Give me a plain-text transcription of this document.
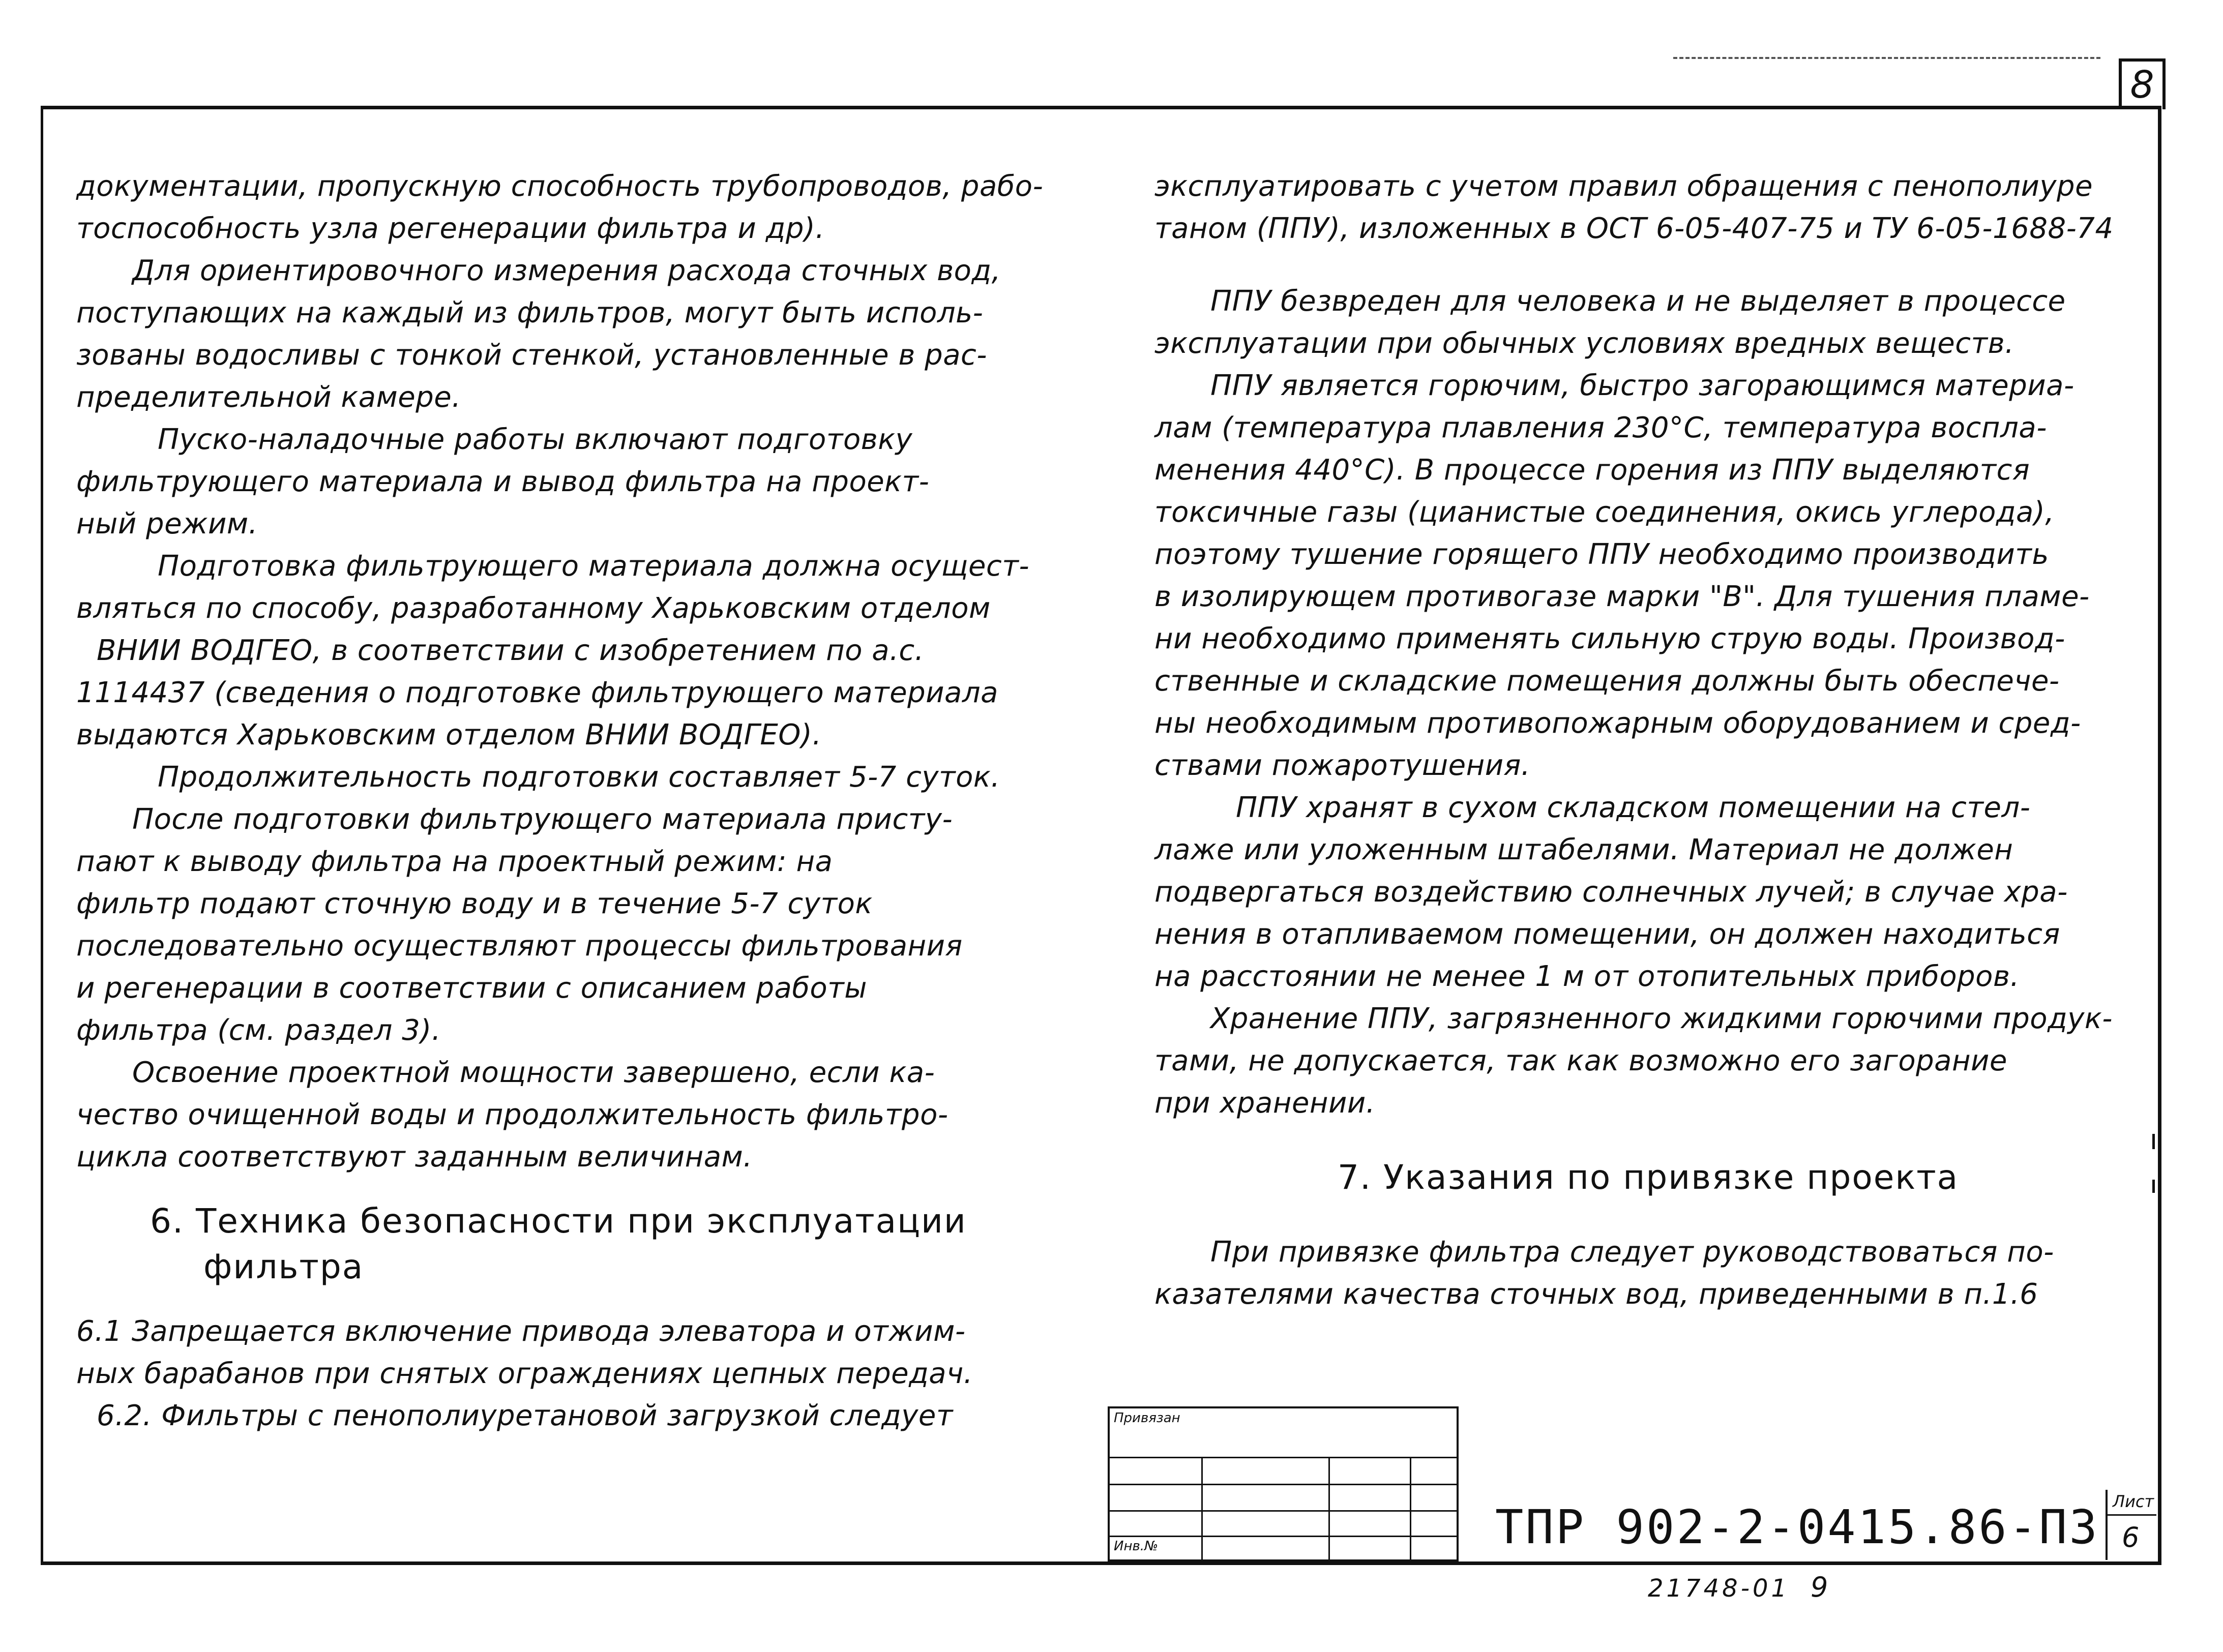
8

документации, пропускную способность трубопроводов, рабо-

тоспособность узла регенерации фильтра и др).

Для ориентировочного измерения расхода сточных вод,

поступающих на каждый из фильтров, могут быть исполь-

зованы водосливы с тонкой стенкой, установленные в рас-

пределительной камере.

Пуско-наладочные работы включают подготовку

фильтрующего материала и вывод фильтра на проект-

ный режим.

Подготовка фильтрующего материала должна осущест-

вляться по способу, разработанному Харьковским отделом

ВНИИ ВОДГЕО, в соответствии с изобретением по а.с.

1114437 (сведения о подготовке фильтрующего материала

выдаются Харьковским отделом ВНИИ ВОДГЕО).

Продолжительность подготовки составляет 5-7 суток.

После подготовки фильтрующего материала присту-

пают к выводу фильтра на проектный режим: на

фильтр подают сточную воду и в течение 5-7 суток

последовательно осуществляют процессы фильтрования

и регенерации в соответствии с описанием работы

фильтра (см. раздел 3).

Освоение проектной мощности завершено, если ка-

чество очищенной воды и продолжительность фильтро-

цикла соответствуют заданным величинам.

6. Техника безопасности при эксплуатации

фильтра

6.1 Запрещается включение привода элеватора и отжим-

ных барабанов при снятых ограждениях цепных передач.

6.2. Фильтры с пенополиуретановой загрузкой следует

эксплуатировать с учетом правил обращения с пенополиуре

таном (ППУ), изложенных в ОСТ 6-05-407-75 и ТУ 6-05-1688-74

ППУ безвреден для человека и не выделяет в процессе

эксплуатации при обычных условиях вредных веществ.

ППУ является горючим, быстро загорающимся материа-

лам (температура плавления 230°С, температура воспла-

менения 440°С). В процессе горения из ППУ выделяются

токсичные газы (цианистые соединения, окись углерода),

поэтому тушение горящего ППУ необходимо производить

в изолирующем противогазе марки "В". Для тушения пламе-

ни необходимо применять сильную струю воды. Производ-

ственные и складские помещения должны быть обеспече-

ны необходимым противопожарным оборудованием и сред-

ствами пожаротушения.

ППУ хранят в сухом складском помещении на стел-

лаже или уложенным штабелями. Материал не должен

подвергаться воздействию солнечных лучей; в случае хра-

нения в отапливаемом помещении, он должен находиться

на расстоянии не менее 1 м от отопительных приборов.

Хранение ППУ, загрязненного жидкими горючими продук-

тами, не допускается, так как возможно его загорание

при хранении.

7. Указания по привязке проекта

При привязке фильтра следует руководствоваться по-

казателями качества сточных вод, приведенными в п.1.6

Привязан
Инв.№	ТПР 902-2-0415.86-ПЗ Лист
6
21748-01 9
